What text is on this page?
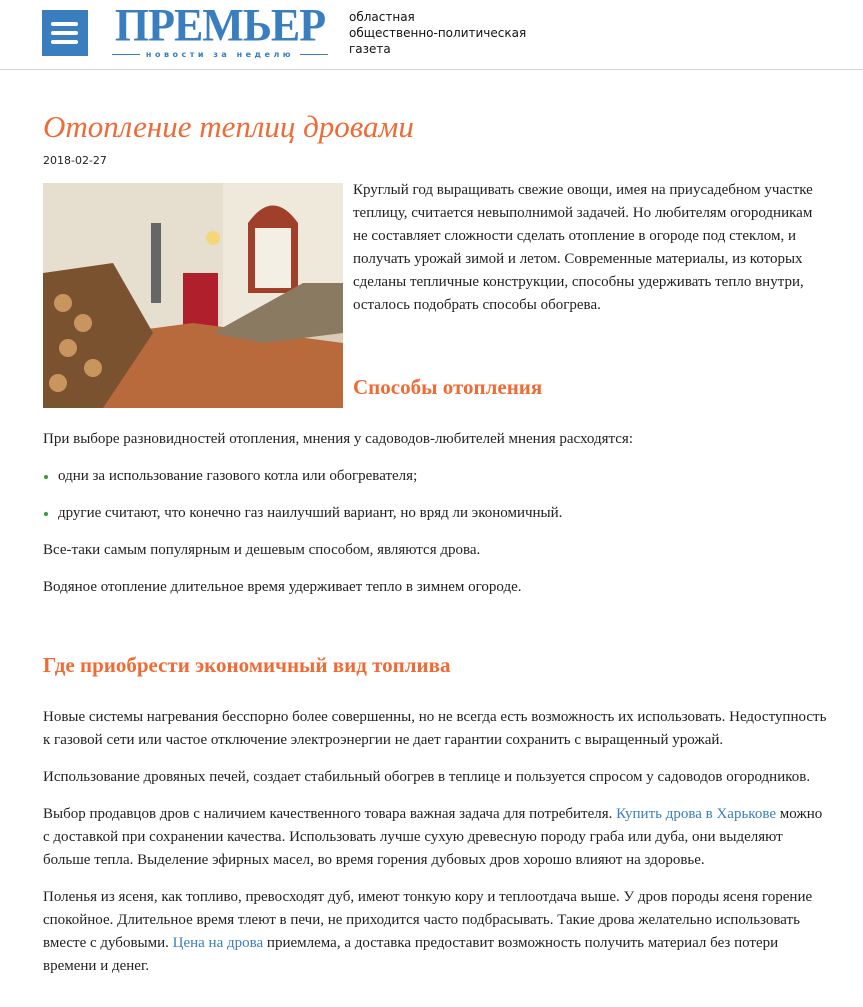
ПРЕМЬЕР
новости за неделю
областная
общественно-политическая
газета
Отопление теплиц дровами
2018-02-27

Круглый год выращивать свежие овощи, имея на приусадебном участке теплицу, считается невыполнимой задачей. Но любителям огородникам не составляет сложности сделать отопление в огороде под стеклом, и получать урожай зимой и летом. Современные материалы, из которых сделаны тепличные конструкции, способны удерживать тепло внутри, осталось подобрать способы обогрева.

Способы отопления

При выборе разновидностей отопления, мнения у садоводов-любителей мнения расходятся:

одни за использование газового котла или обогревателя;
другие считают, что конечно газ наилучший вариант, но вряд ли экономичный.

Все-таки самым популярным и дешевым способом, являются дрова.

Водяное отопление длительное время удерживает тепло в зимнем огороде.

Где приобрести экономичный вид топлива

Новые системы нагревания бесспорно более совершенны, но не всегда есть возможность их использовать. Недоступность к газовой сети или частое отключение электроэнергии не дает гарантии сохранить с выращенный урожай.

Использование дровяных печей, создает стабильный обогрев в теплице и пользуется спросом у садоводов огородников.

Выбор продавцов дров с наличием качественного товара важная задача для потребителя. Купить дрова в Харькове можно с доставкой при сохранении качества. Использовать лучше сухую древесную породу граба или дуба, они выделяют больше тепла. Выделение эфирных масел, во время горения дубовых дров хорошо влияют на здоровье.

Поленья из ясеня, как топливо, превосходят дуб, имеют тонкую кору и теплоотдача выше. У дров породы ясеня горение спокойное. Длительное время тлеют в печи, не приходится часто подбрасывать. Такие дрова желательно использовать вместе с дубовыми. Цена на дрова приемлема, а доставка предоставит возможность получить материал без потери времени и денег.
